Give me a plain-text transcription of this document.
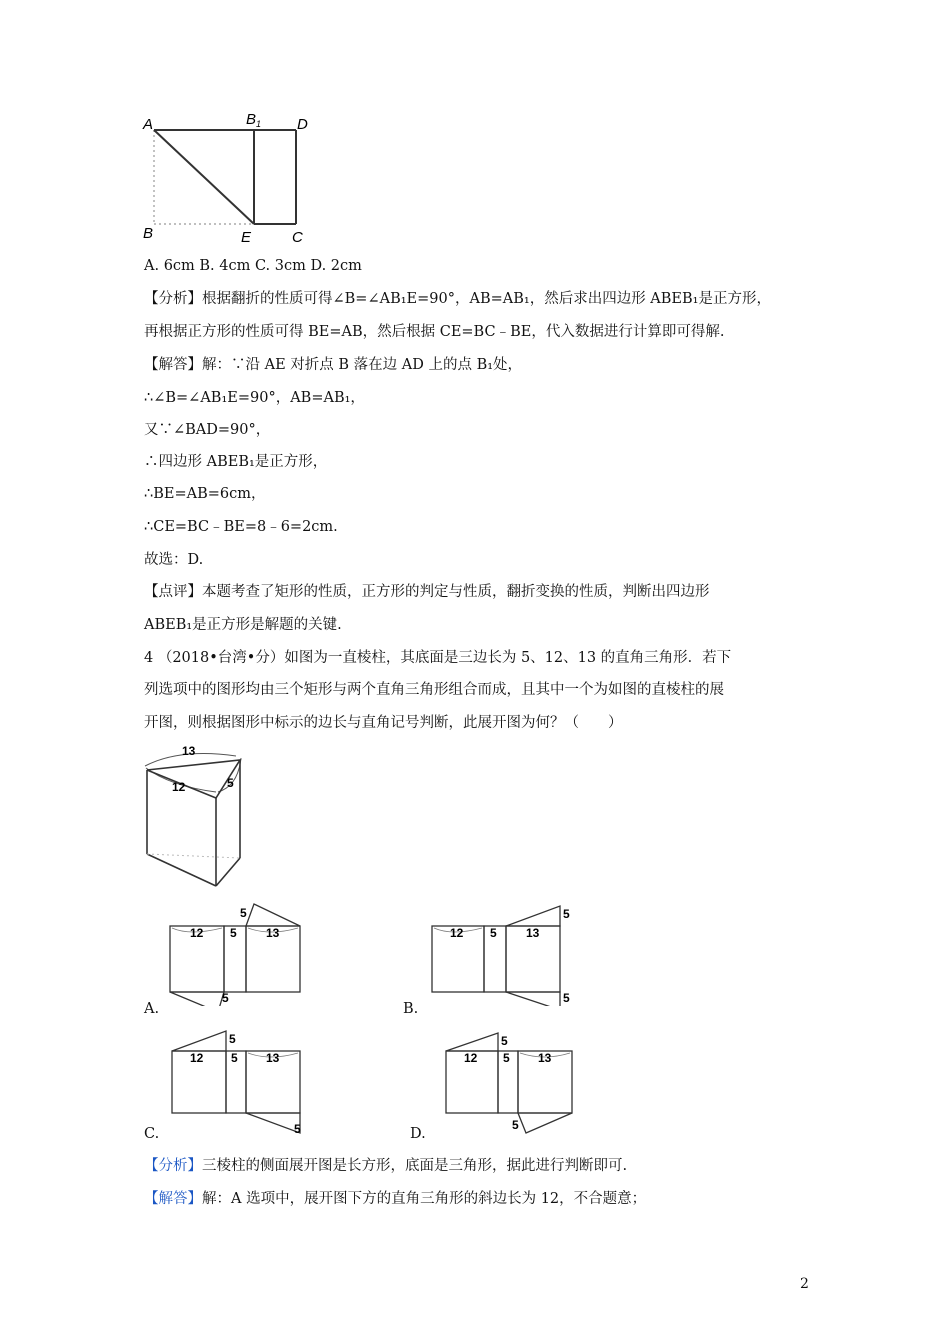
A	$B_1$ D
B	E	C
A. 6cm B. 4cm C. 3cm D. 2cm
【分析】根据翻折的性质可得∠B=∠AB₁E=90°，AB=AB₁，然后求出四边形 ABEB₁是正方形，
再根据正方形的性质可得 BE=AB，然后根据 CE=BC﹣BE，代入数据进行计算即可得解.
【解答】解：∵沿 AE 对折点 B 落在边 AD 上的点 B₁处，
∴∠B=∠AB₁E=90°，AB=AB₁，
又∵∠BAD=90°，
∴四边形 ABEB₁是正方形，
∴BE=AB=6cm，
∴CE=BC﹣BE=8﹣6=2cm.
故选：D.
【点评】本题考查了矩形的性质，正方形的判定与性质，翻折变换的性质，判断出四边形
ABEB₁是正方形是解题的关键.
4 （2018•台湾•分）如图为一直棱柱，其底面是三边长为 5、12、13 的直角三角形．若下
列选项中的图形均由三个矩形与两个直角三角形组合而成，且其中一个为如图的直棱柱的展
开图，则根据图形中标示的边长与直角记号判断，此展开图为何？（　　）
13
12	5
12 5 13
5
5
A.
12 5 13
5
5
B.
12 5 13
5
5
C.
12 5 13
5
5
D.
【分析】三棱柱的侧面展开图是长方形，底面是三角形，据此进行判断即可.
【解答】解：A 选项中，展开图下方的直角三角形的斜边长为 12，不合题意；
2
